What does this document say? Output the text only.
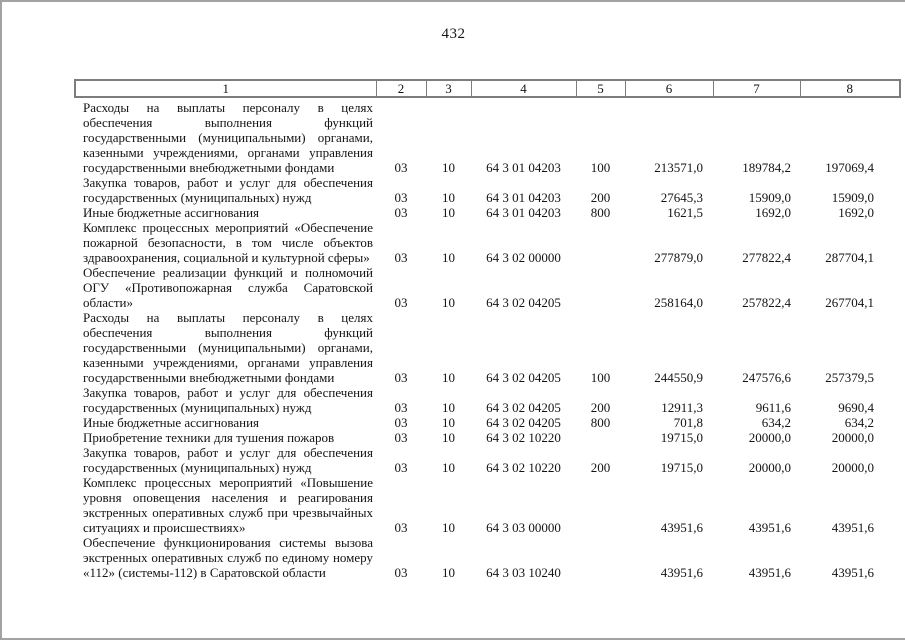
432
1	2	3	4	5	6	7	8
Расходы на выплаты персоналу в целях обеспечения выполнения функций государственными (муниципальными) органами, казенными учреждениями, органами управления государственными внебюджетными фондами	03	10	64 3 01 04203	100	213571,0	189784,2	197069,4
Закупка товаров, работ и услуг для обеспечения государственных (муниципальных) нужд	03	10	64 3 01 04203	200	27645,3	15909,0	15909,0
Иные бюджетные ассигнования	03	10	64 3 01 04203	800	1621,5	1692,0	1692,0
Комплекс процессных мероприятий «Обеспечение пожарной безопасности, в том числе объектов здравоохранения, социальной и культурной сферы»	03	10	64 3 02 00000		277879,0	277822,4	287704,1
Обеспечение реализации функций и полномочий ОГУ «Противопожарная служба Саратовской области»	03	10	64 3 02 04205		258164,0	257822,4	267704,1
Расходы на выплаты персоналу в целях обеспечения выполнения функций государственными (муниципальными) органами, казенными учреждениями, органами управления государственными внебюджетными фондами	03	10	64 3 02 04205	100	244550,9	247576,6	257379,5
Закупка товаров, работ и услуг для обеспечения государственных (муниципальных) нужд	03	10	64 3 02 04205	200	12911,3	9611,6	9690,4
Иные бюджетные ассигнования	03	10	64 3 02 04205	800	701,8	634,2	634,2
Приобретение техники для тушения пожаров	03	10	64 3 02 10220		19715,0	20000,0	20000,0
Закупка товаров, работ и услуг для обеспечения государственных (муниципальных) нужд	03	10	64 3 02 10220	200	19715,0	20000,0	20000,0
Комплекс процессных мероприятий «Повышение уровня оповещения населения и реагирования экстренных оперативных служб при чрезвычайных ситуациях и происшествиях»	03	10	64 3 03 00000		43951,6	43951,6	43951,6
Обеспечение функционирования системы вызова экстренных оперативных служб по единому номеру «112» (системы-112) в Саратовской области	03	10	64 3 03 10240		43951,6	43951,6	43951,6
